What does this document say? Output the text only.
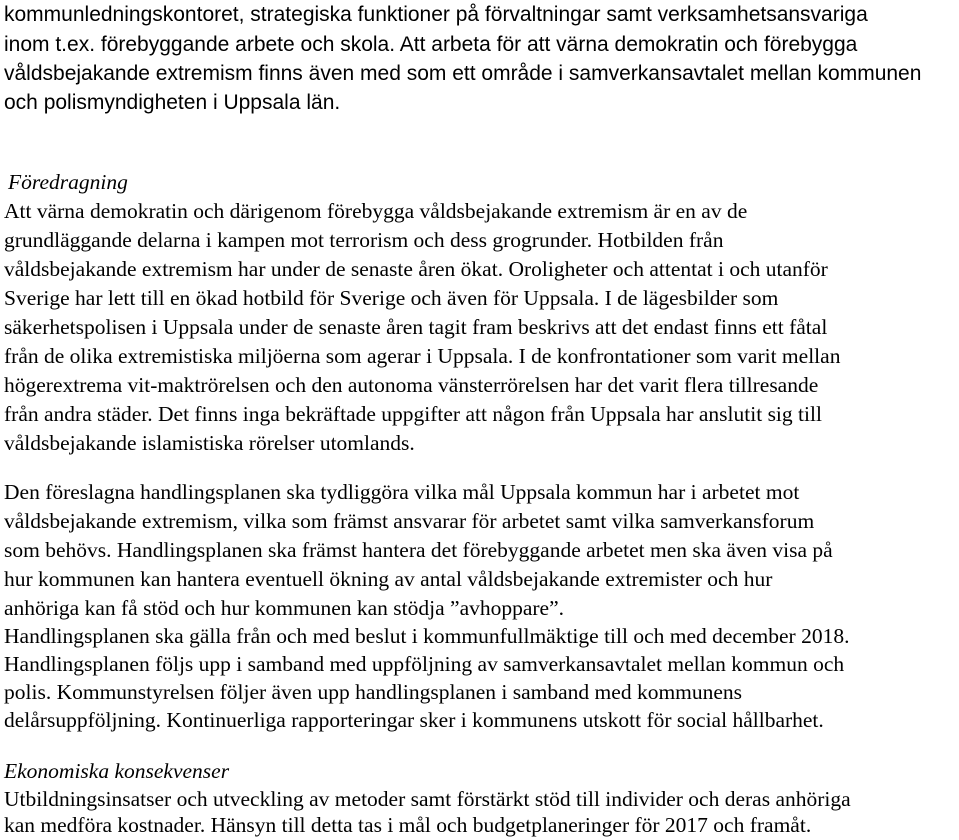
kommunledningskontoret, strategiska funktioner på förvaltningar samt verksamhetsansvariga
inom t.ex. förebyggande arbete och skola. Att arbeta för att värna demokratin och förebygga
våldsbejakande extremism finns även med som ett område i samverkansavtalet mellan kommunen
och polismyndigheten i Uppsala län.
Föredragning
Att värna demokratin och därigenom förebygga våldsbejakande extremism är en av de
grundläggande delarna i kampen mot terrorism och dess grogrunder. Hotbilden från
våldsbejakande extremism har under de senaste åren ökat. Oroligheter och attentat i och utanför
Sverige har lett till en ökad hotbild för Sverige och även för Uppsala. I de lägesbilder som
säkerhetspolisen i Uppsala under de senaste åren tagit fram beskrivs att det endast finns ett fåtal
från de olika extremistiska miljöerna som agerar i Uppsala. I de konfrontationer som varit mellan
högerextrema vit-maktrörelsen och den autonoma vänsterrörelsen har det varit flera tillresande
från andra städer. Det finns inga bekräftade uppgifter att någon från Uppsala har anslutit sig till
våldsbejakande islamistiska rörelser utomlands.
Den föreslagna handlingsplanen ska tydliggöra vilka mål Uppsala kommun har i arbetet mot
våldsbejakande extremism, vilka som främst ansvarar för arbetet samt vilka samverkansforum
som behövs. Handlingsplanen ska främst hantera det förebyggande arbetet men ska även visa på
hur kommunen kan hantera eventuell ökning av antal våldsbejakande extremister och hur
anhöriga kan få stöd och hur kommunen kan stödja ”avhoppare”.
Handlingsplanen ska gälla från och med beslut i kommunfullmäktige till och med december 2018.
Handlingsplanen följs upp i samband med uppföljning av samverkansavtalet mellan kommun och
polis. Kommunstyrelsen följer även upp handlingsplanen i samband med kommunens
delårsuppföljning. Kontinuerliga rapporteringar sker i kommunens utskott för social hållbarhet.
Ekonomiska konsekvenser
Utbildningsinsatser och utveckling av metoder samt förstärkt stöd till individer och deras anhöriga
kan medföra kostnader. Hänsyn till detta tas i mål och budgetplaneringer för 2017 och framåt.
